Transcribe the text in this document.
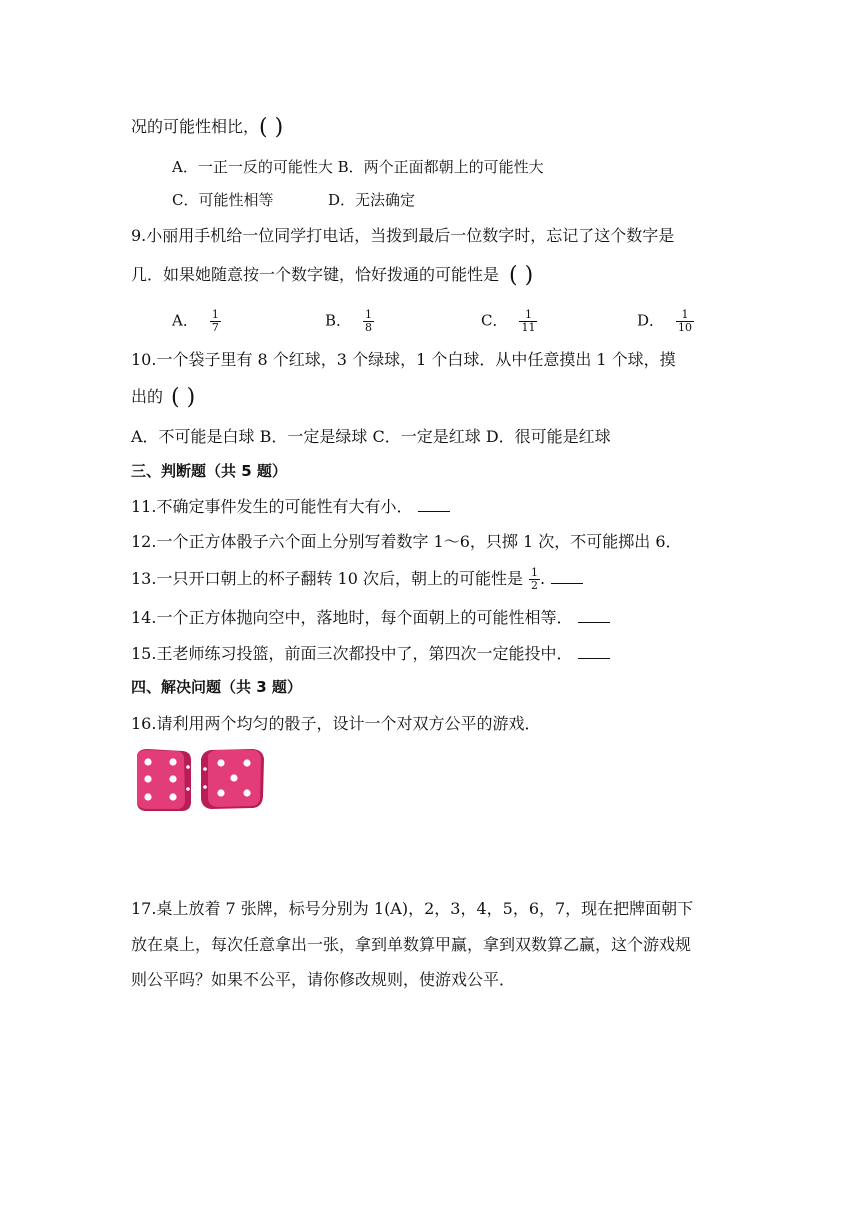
况的可能性相比，( )
A．一正一反的可能性大 B．两个正面都朝上的可能性大
C．可能性相等	D．无法确定
9.小丽用手机给一位同学打电话，当拨到最后一位数字时，忘记了这个数字是
几．如果她随意按一个数字键，恰好拨通的可能性是 ( )
A． $\frac{1}{7}$	B． $\frac{1}{8}$	C． $\frac{1}{11}$	D． $\frac{1}{10}$
10.一个袋子里有 8 个红球，3 个绿球，1 个白球．从中任意摸出 1 个球，摸
出的 ( )
A．不可能是白球 B．一定是绿球 C．一定是红球 D．很可能是红球
三、判断题（共 5 题）
11.不确定事件发生的可能性有大有小．
12.一个正方体骰子六个面上分别写着数字 1～6，只掷 1 次，不可能掷出 6．
13.一只开口朝上的杯子翻转 10 次后，朝上的可能性是 $\frac{1}{2}$ .
14.一个正方体抛向空中，落地时，每个面朝上的可能性相等．
15.王老师练习投篮，前面三次都投中了，第四次一定能投中．
四、解决问题（共 3 题）
16.请利用两个均匀的骰子，设计一个对双方公平的游戏．
17.桌上放着 7 张牌，标号分别为 1(A)，2，3，4，5，6，7，现在把牌面朝下
放在桌上，每次任意拿出一张，拿到单数算甲赢，拿到双数算乙赢，这个游戏规
则公平吗？如果不公平，请你修改规则，使游戏公平．
